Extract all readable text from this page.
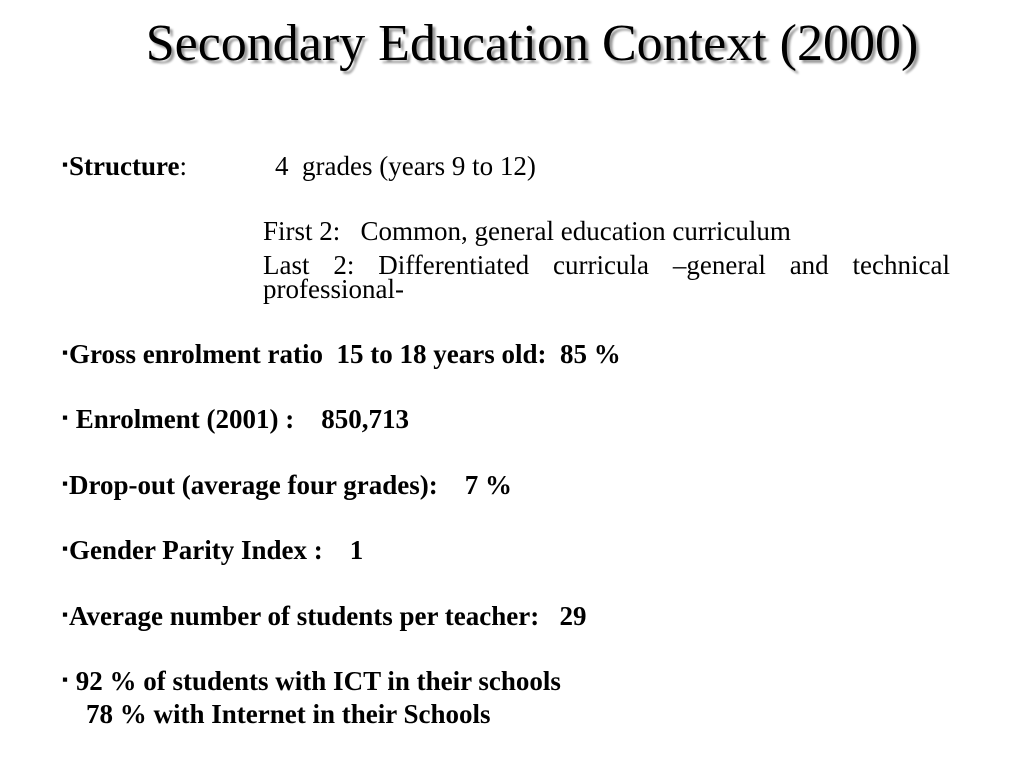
Secondary Education Context (2000)
▪Structure:	4  grades (years 9 to 12)
First 2:   Common, general education curriculum
Last 2: Differentiated curricula –general and technical professional-
▪Gross enrolment ratio  15 to 18 years old:  85 %
▪ Enrolment (2001) :    850,713
▪Drop-out (average four grades):    7 %
▪Gender Parity Index :    1
▪Average number of students per teacher:   29
▪ 92 % of students with ICT in their schools
78 % with Internet in their Schools
